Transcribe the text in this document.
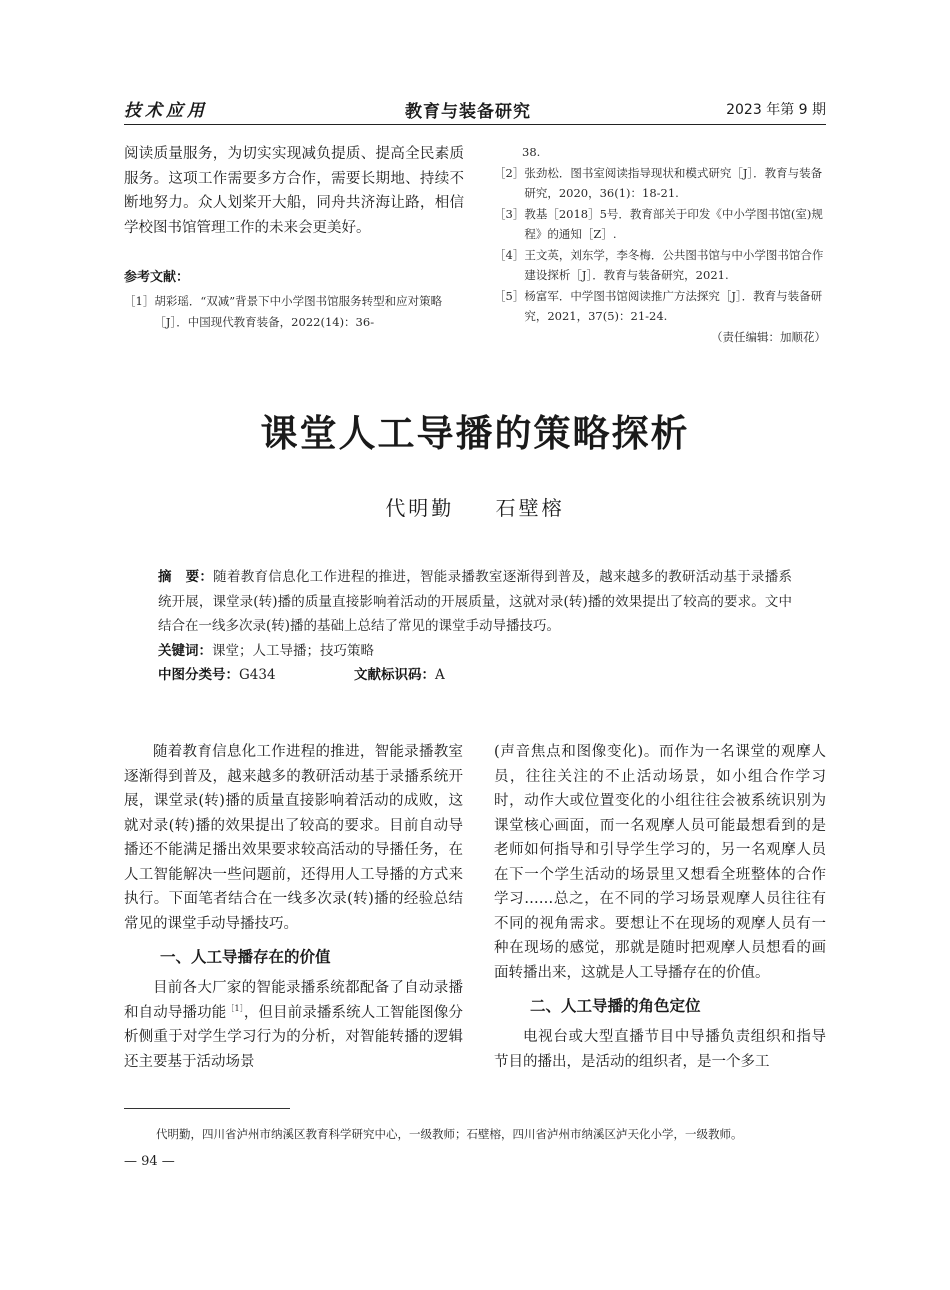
技术应用	教育与装备研究	2023 年第 9 期

阅读质量服务，为切实实现减负提质、提高全民素质服务。这项工作需要多方合作，需要长期地、持续不断地努力。众人划桨开大船，同舟共济海让路，相信学校图书馆管理工作的未来会更美好。

参考文献：
［1］ 胡彩瑶．“双减”背景下中小学图书馆服务转型和应对策略［J］．中国现代教育装备，2022(14)：36-

38.

［2］ 张劲松．图书室阅读指导现状和模式研究［J］．教育与装备研究，2020，36(1)：18-21.
［3］ 教基［2018］5号．教育部关于印发《中小学图书馆(室)规程》的通知［Z］.
［4］ 王文英，刘东学，李冬梅．公共图书馆与中小学图书馆合作建设探析［J］．教育与装备研究，2021.
［5］ 杨富军．中学图书馆阅读推广方法探究［J］．教育与装备研究，2021，37(5)：21-24.

（责任编辑：加顺花）

课堂人工导播的策略探析
代明勤 石壁榕

摘　要：随着教育信息化工作进程的推进，智能录播教室逐渐得到普及，越来越多的教研活动基于录播系统开展，课堂录(转)播的质量直接影响着活动的开展质量，这就对录(转)播的效果提出了较高的要求。文中结合在一线多次录(转)播的基础上总结了常见的课堂手动导播技巧。

关键词：课堂；人工导播；技巧策略

中图分类号：G434	文献标识码：A

随着教育信息化工作进程的推进，智能录播教室逐渐得到普及，越来越多的教研活动基于录播系统开展，课堂录(转)播的质量直接影响着活动的成败，这就对录(转)播的效果提出了较高的要求。目前自动导播还不能满足播出效果要求较高活动的导播任务，在人工智能解决一些问题前，还得用人工导播的方式来执行。下面笔者结合在一线多次录(转)播的经验总结常见的课堂手动导播技巧。

一、人工导播存在的价值

目前各大厂家的智能录播系统都配备了自动录播和自动导播功能$^{[1]}$，但目前录播系统人工智能图像分析侧重于对学生学习行为的分析，对智能转播的逻辑还主要基于活动场景

(声音焦点和图像变化)。而作为一名课堂的观摩人员，往往关注的不止活动场景，如小组合作学习时，动作大或位置变化的小组往往会被系统识别为课堂核心画面，而一名观摩人员可能最想看到的是老师如何指导和引导学生学习的，另一名观摩人员在下一个学生活动的场景里又想看全班整体的合作学习……总之，在不同的学习场景观摩人员往往有不同的视角需求。要想让不在现场的观摩人员有一种在现场的感觉，那就是随时把观摩人员想看的画面转播出来，这就是人工导播存在的价值。

二、人工导播的角色定位

电视台或大型直播节目中导播负责组织和指导节目的播出，是活动的组织者，是一个多工

代明勤，四川省泸州市纳溪区教育科学研究中心，一级教师；石壁榕，四川省泸州市纳溪区泸天化小学，一级教师。
— 94 —
